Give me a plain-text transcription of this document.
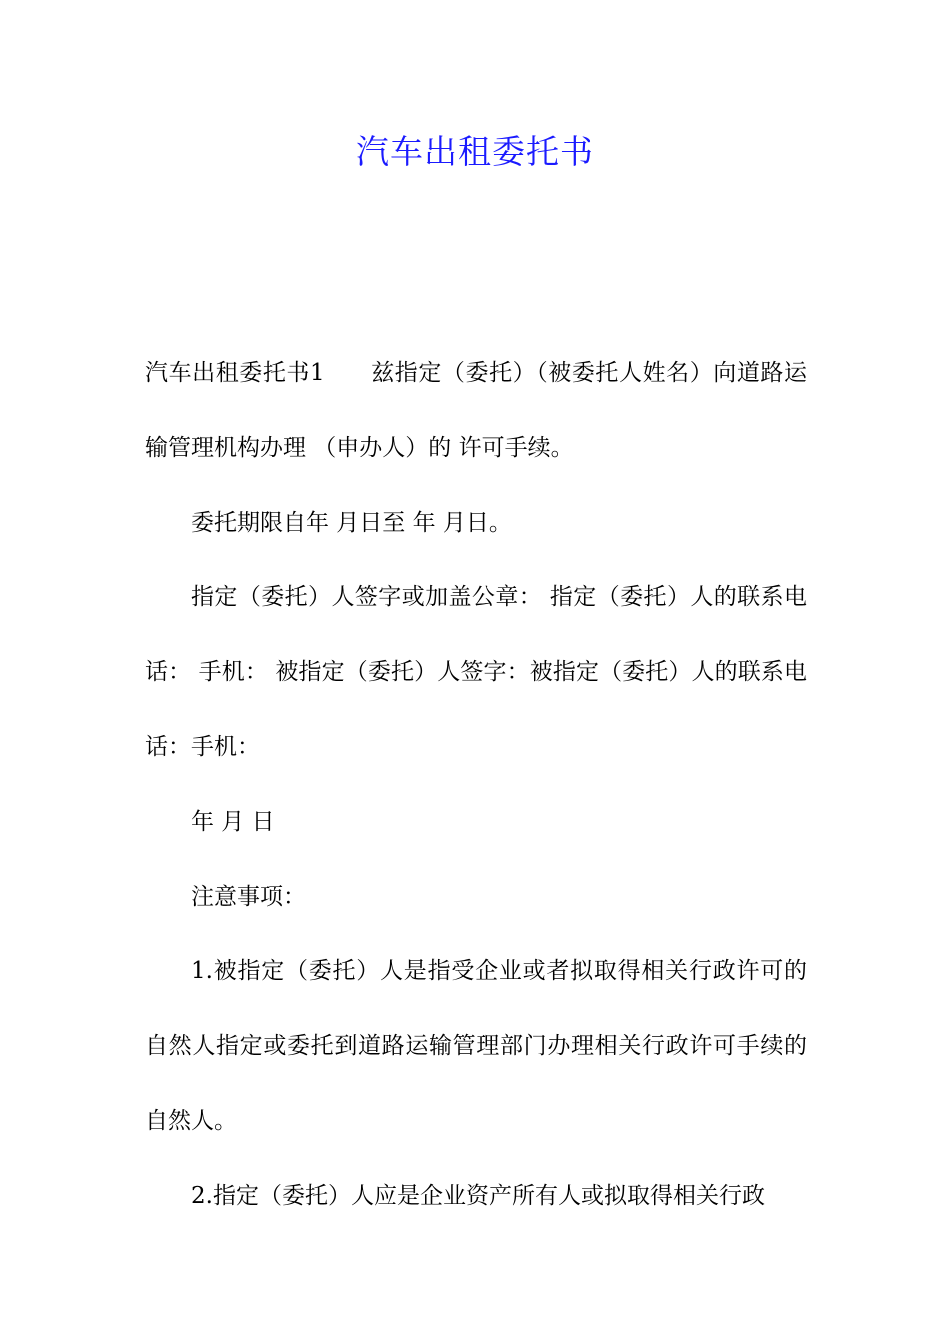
汽车出租委托书

汽车出租委托书1 兹指定（委托）（被委托人姓名）向道路运输管理机构办理 （申办人）的 许可手续。

委托期限自年 月日至 年 月日。

指定（委托）人签字或加盖公章： 指定（委托）人的联系电话： 手机： 被指定（委托）人签字：被指定（委托）人的联系电话：手机：

年 月 日

注意事项：

1.被指定（委托）人是指受企业或者拟取得相关行政许可的自然人指定或委托到道路运输管理部门办理相关行政许可手续的自然人。

2.指定（委托）人应是企业资产所有人或拟取得相关行政
